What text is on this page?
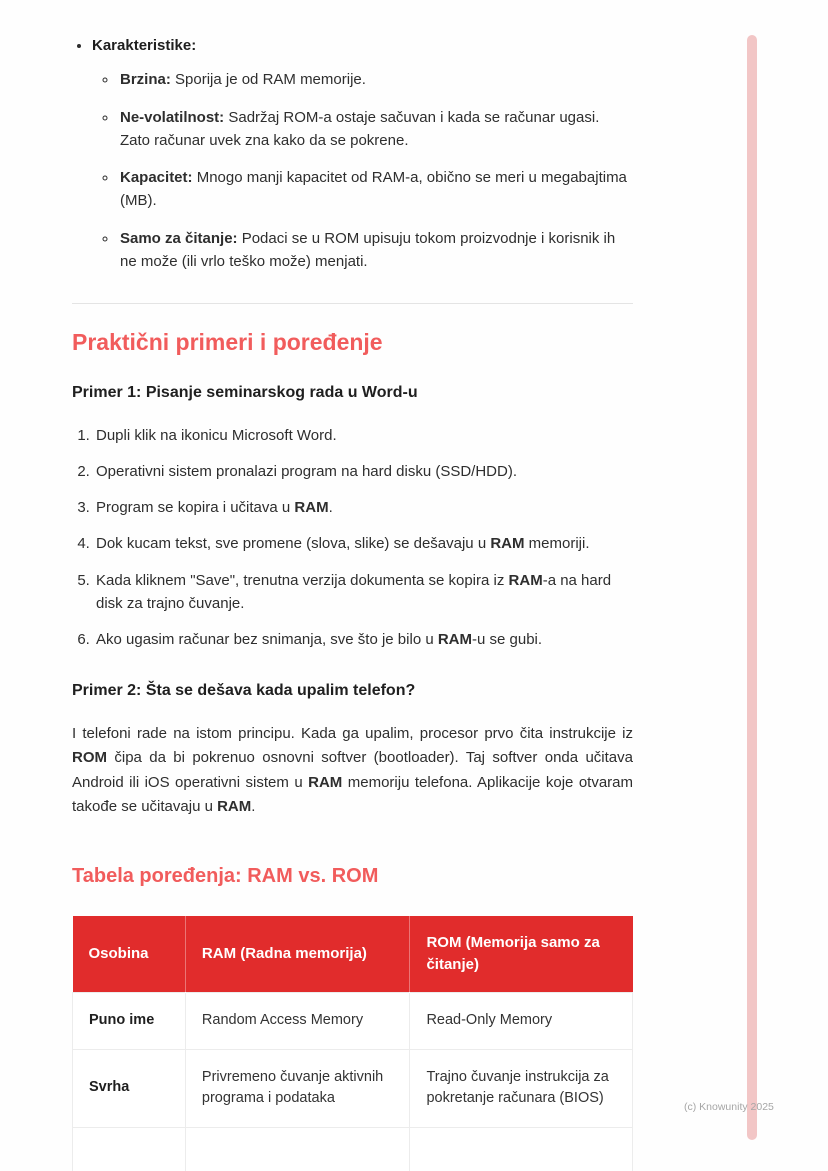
• Karakteristike:
◦ Brzina: Sporija je od RAM memorije.
◦ Ne-volatilnost: Sadržaj ROM-a ostaje sačuvan i kada se računar ugasi. Zato računar uvek zna kako da se pokrene.
◦ Kapacitet: Mnogo manji kapacitet od RAM-a, obično se meri u megabajtima (MB).
◦ Samo za čitanje: Podaci se u ROM upisuju tokom proizvodnje i korisnik ih ne može (ili vrlo teško može) menjati.
Praktični primeri i poređenje
Primer 1: Pisanje seminarskog rada u Word-u
1. Dupli klik na ikonicu Microsoft Word.
2. Operativni sistem pronalazi program na hard disku (SSD/HDD).
3. Program se kopira i učitava u RAM.
4. Dok kucam tekst, sve promene (slova, slike) se dešavaju u RAM memoriji.
5. Kada kliknem "Save", trenutna verzija dokumenta se kopira iz RAM-a na hard disk za trajno čuvanje.
6. Ako ugasim računar bez snimanja, sve što je bilo u RAM-u se gubi.
Primer 2: Šta se dešava kada upalim telefon?

I telefoni rade na istom principu. Kada ga upalim, procesor prvo čita instrukcije iz ROM čipa da bi pokrenuo osnovni softver (bootloader). Taj softver onda učitava Android ili iOS operativni sistem u RAM memoriju telefona. Aplikacije koje otvaram takođe se učitavaju u RAM.

Tabela poređenja: RAM vs. ROM
Osobina	RAM (Radna memorija)	ROM (Memorija samo za čitanje)
Puno ime	Random Access Memory	Read-Only Memory
Svrha	Privremeno čuvanje aktivnih programa i podataka	Trajno čuvanje instrukcija za pokretanje računara (BIOS)

(c) Knowunity 2025
